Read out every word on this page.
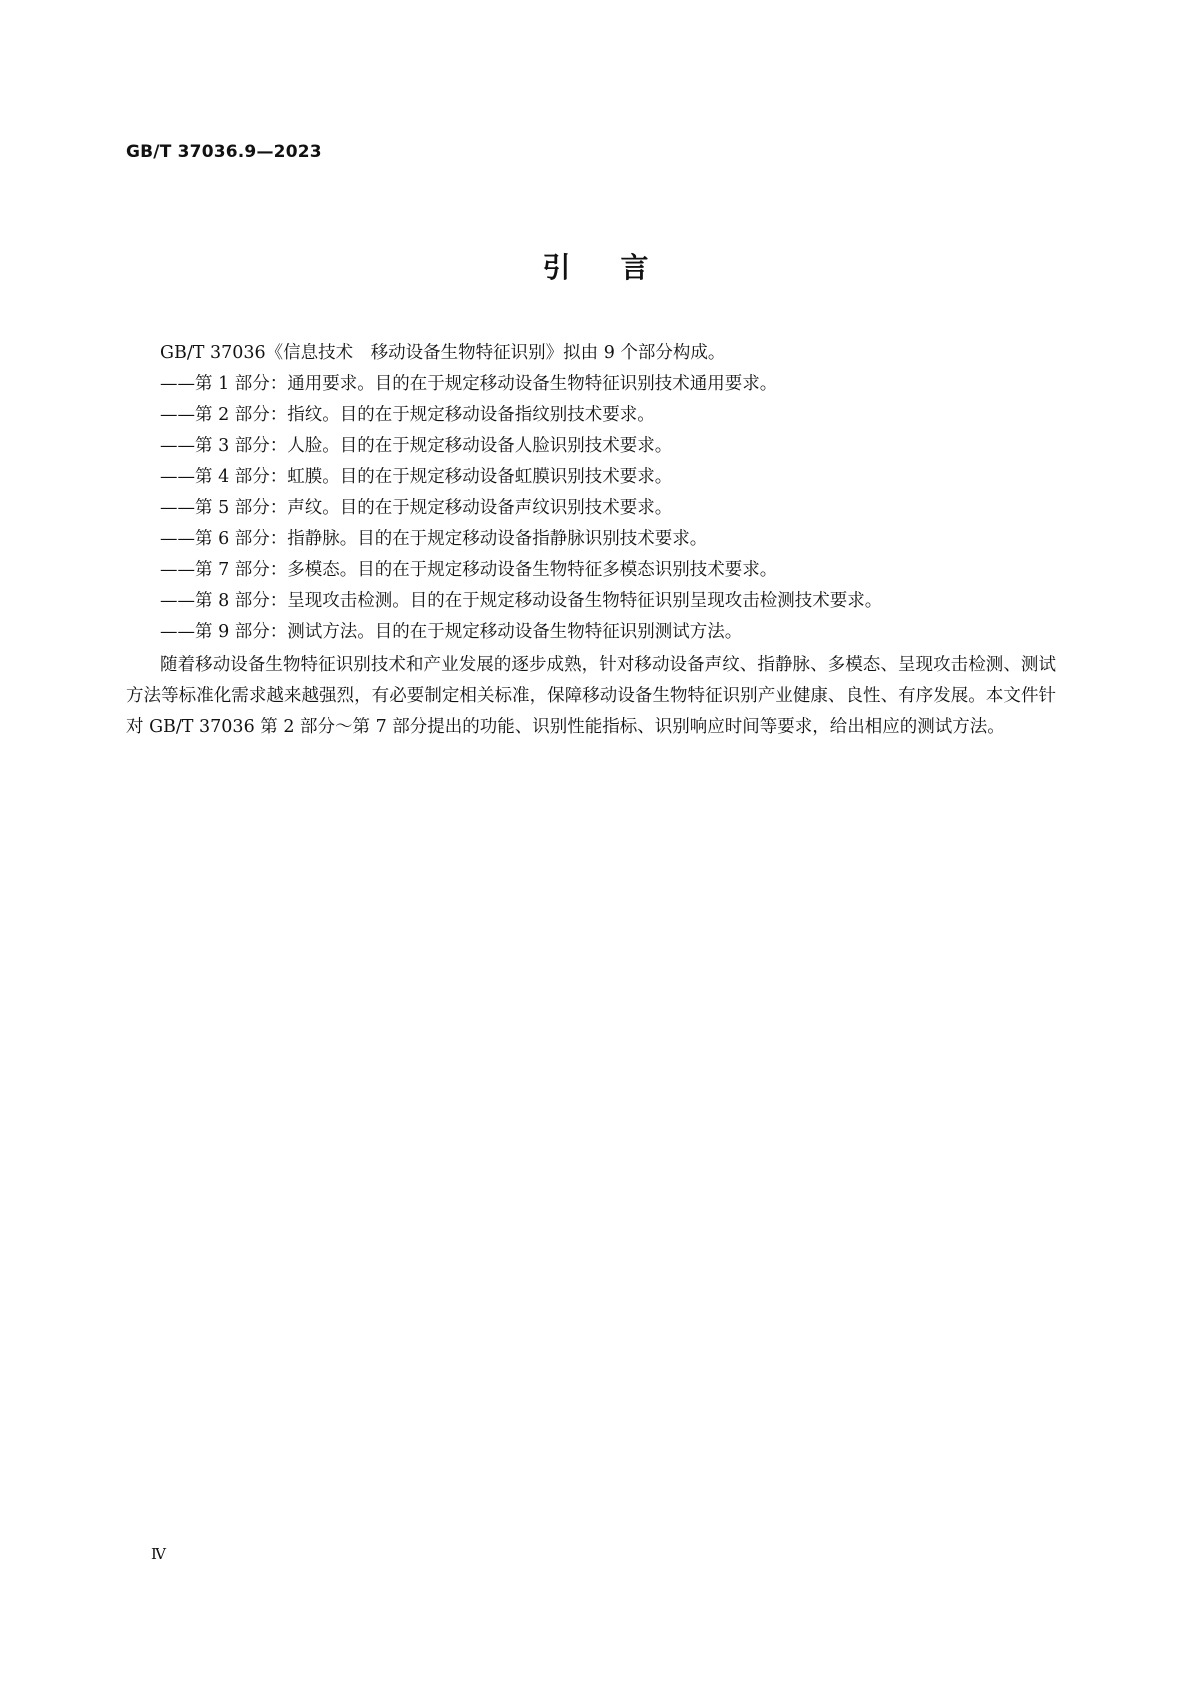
GB/T 37036.9—2023
引言
GB/T 37036《信息技术　移动设备生物特征识别》拟由 9 个部分构成。
——第 1 部分：通用要求。目的在于规定移动设备生物特征识别技术通用要求。
——第 2 部分：指纹。目的在于规定移动设备指纹别技术要求。
——第 3 部分：人脸。目的在于规定移动设备人脸识别技术要求。
——第 4 部分：虹膜。目的在于规定移动设备虹膜识别技术要求。
——第 5 部分：声纹。目的在于规定移动设备声纹识别技术要求。
——第 6 部分：指静脉。目的在于规定移动设备指静脉识别技术要求。
——第 7 部分：多模态。目的在于规定移动设备生物特征多模态识别技术要求。
——第 8 部分：呈现攻击检测。目的在于规定移动设备生物特征识别呈现攻击检测技术要求。
——第 9 部分：测试方法。目的在于规定移动设备生物特征识别测试方法。

随着移动设备生物特征识别技术和产业发展的逐步成熟，针对移动设备声纹、指静脉、多模态、呈现攻击检测、测试方法等标准化需求越来越强烈，有必要制定相关标准，保障移动设备生物特征识别产业健康、良性、有序发展。本文件针对 GB/T 37036 第 2 部分～第 7 部分提出的功能、识别性能指标、识别响应时间等要求，给出相应的测试方法。

Ⅳ
